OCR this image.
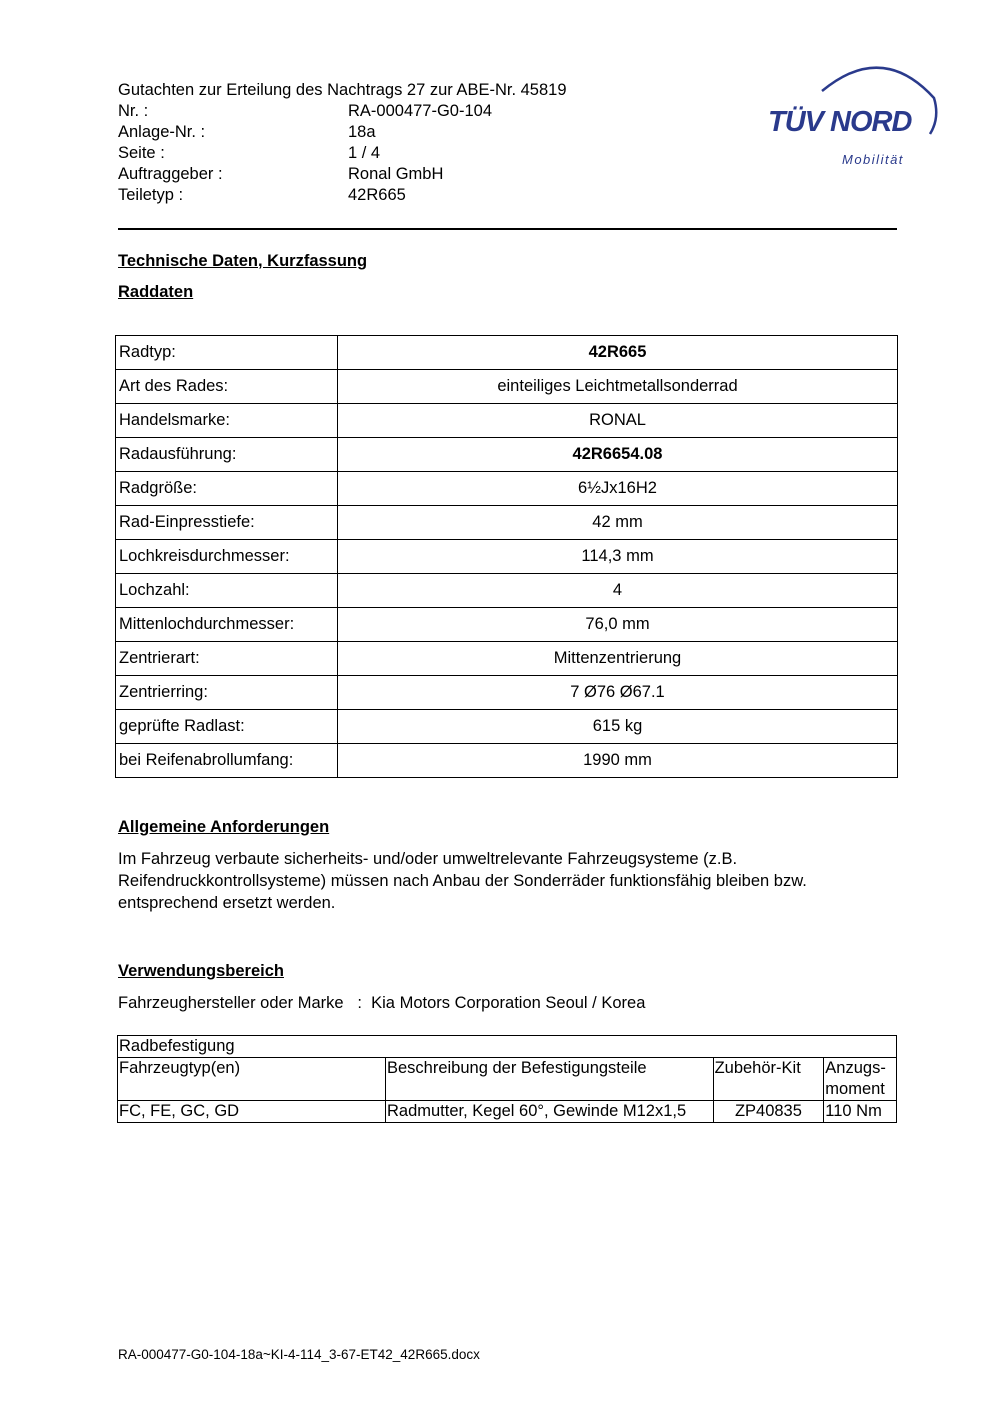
Gutachten zur Erteilung des Nachtrags 27 zur ABE-Nr. 45819
Nr. :	RA-000477-G0-104
Anlage-Nr. :	18a
Seite :	1 / 4
Auftraggeber :	Ronal GmbH
Teiletyp :	42R665
TÜV NORD
Mobilität
Technische Daten, Kurzfassung
Raddaten
Radtyp:	42R665
Art des Rades:	einteiliges Leichtmetallsonderrad
Handelsmarke:	RONAL
Radausführung:	42R6654.08
Radgröße:	6½Jx16H2
Rad-Einpresstiefe:	42 mm
Lochkreisdurchmesser:	114,3 mm
Lochzahl:	4
Mittenlochdurchmesser:	76,0 mm
Zentrierart:	Mittenzentrierung
Zentrierring:	7 Ø76 Ø67.1
geprüfte Radlast:	615 kg
bei Reifenabrollumfang:	1990 mm
Allgemeine Anforderungen
Im Fahrzeug verbaute sicherheits- und/oder umweltrelevante Fahrzeugsysteme (z.B. Reifendruckkontrollsysteme) müssen nach Anbau der Sonderräder funktionsfähig bleiben bzw. entsprechend ersetzt werden.
Verwendungsbereich
Fahrzeughersteller oder Marke : Kia Motors Corporation Seoul / Korea
Radbefestigung			
Fahrzeugtyp(en)	Beschreibung der Befestigungsteile	Zubehör-Kit	Anzugs-moment
FC, FE, GC, GD	Radmutter, Kegel 60°, Gewinde M12x1,5	ZP40835	110 Nm
RA-000477-G0-104-18a~KI-4-114_3-67-ET42_42R665.docx
